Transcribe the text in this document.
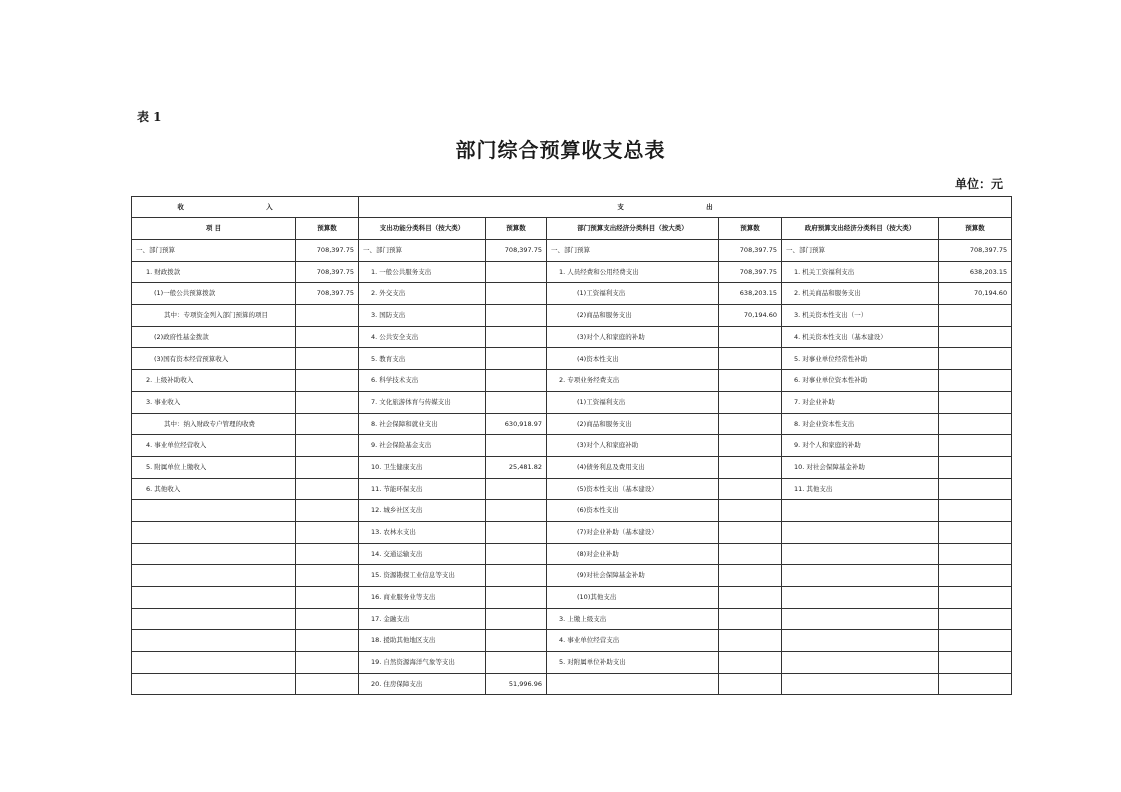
表 1
部门综合预算收支总表
单位：元
收 入		支 出					
项 目	预算数	支出功能分类科目（按大类）	预算数	部门预算支出经济分类科目（按大类）	预算数	政府预算支出经济分类科目（按大类）	预算数
一、部门预算	708,397.75	一、部门预算	708,397.75	一、部门预算	708,397.75	一、部门预算	708,397.75
1. 财政拨款	708,397.75	1. 一般公共服务支出		1. 人员经费和公用经费支出	708,397.75	1. 机关工资福利支出	638,203.15
(1)一般公共预算拨款	708,397.75	2. 外交支出		(1)工资福利支出	638,203.15	2. 机关商品和服务支出	70,194.60
其中：专项资金列入部门预算的项目		3. 国防支出		(2)商品和服务支出	70,194.60	3. 机关资本性支出（一）	
(2)政府性基金拨款		4. 公共安全支出		(3)对个人和家庭的补助		4. 机关资本性支出（基本建设）	
(3)国有资本经营预算收入		5. 教育支出		(4)资本性支出		5. 对事业单位经常性补助	
2. 上级补助收入		6. 科学技术支出		2. 专项业务经费支出		6. 对事业单位资本性补助	
3. 事业收入		7. 文化旅游体育与传媒支出		(1)工资福利支出		7. 对企业补助	
其中：纳入财政专户管理的收费		8. 社会保障和就业支出	630,918.97	(2)商品和服务支出		8. 对企业资本性支出	
4. 事业单位经营收入		9. 社会保险基金支出		(3)对个人和家庭补助		9. 对个人和家庭的补助	
5. 附属单位上缴收入		10. 卫生健康支出	25,481.82	(4)债务利息及费用支出		10. 对社会保障基金补助	
6. 其他收入		11. 节能环保支出		(5)资本性支出（基本建设）		11. 其他支出	
		12. 城乡社区支出		(6)资本性支出			
		13. 农林水支出		(7)对企业补助（基本建设）			
		14. 交通运输支出		(8)对企业补助			
		15. 资源勘探工业信息等支出		(9)对社会保障基金补助			
		16. 商业服务业等支出		(10)其他支出			
		17. 金融支出		3. 上缴上级支出			
		18. 援助其他地区支出		4. 事业单位经营支出			
		19. 自然资源海洋气象等支出		5. 对附属单位补助支出			
		20. 住房保障支出	51,996.96				
